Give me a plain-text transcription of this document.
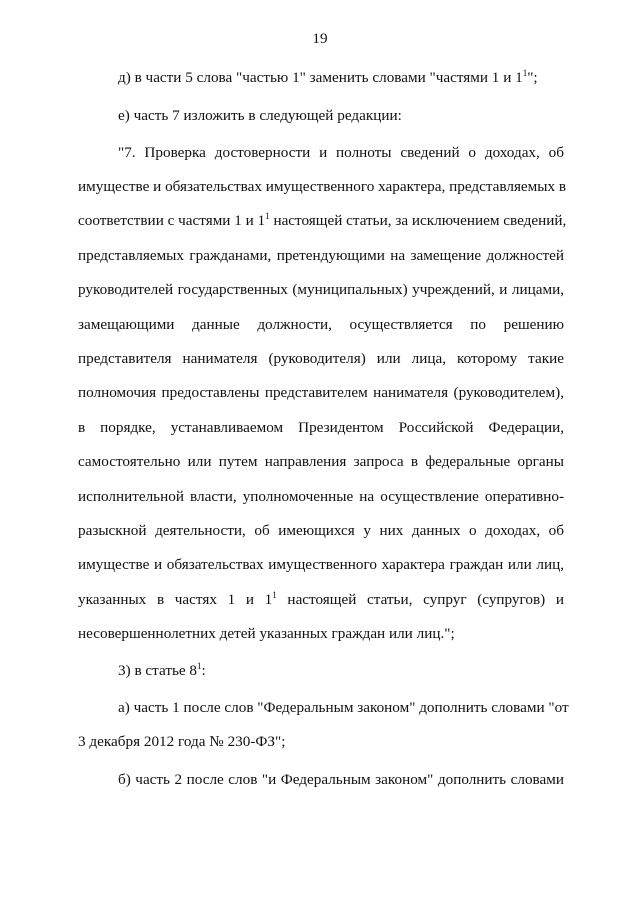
19
д) в части 5 слова "частью 1" заменить словами "частями 1 и $1^1$";
е) часть 7 изложить в следующей редакции:
"7. Проверка достоверности и полноты сведений о доходах, об
имуществе и обязательствах имущественного характера, представляемых в
соответствии с частями 1 и $1^1$ настоящей статьи, за исключением сведений,
представляемых гражданами, претендующими на замещение должностей
руководителей государственных (муниципальных) учреждений, и лицами,
замещающими данные должности, осуществляется по решению
представителя нанимателя (руководителя) или лица, которому такие
полномочия предоставлены представителем нанимателя (руководителем),
в порядке, устанавливаемом Президентом Российской Федерации,
самостоятельно или путем направления запроса в федеральные органы
исполнительной власти, уполномоченные на осуществление оперативно-
разыскной деятельности, об имеющихся у них данных о доходах, об
имуществе и обязательствах имущественного характера граждан или лиц,
указанных в частях 1 и $1^1$ настоящей статьи, супруг (супругов) и
несовершеннолетних детей указанных граждан или лиц.";
3) в статье $8^1$:
а) часть 1 после слов "Федеральным законом" дополнить словами "от
3 декабря 2012 года № 230-ФЗ";
б) часть 2 после слов "и Федеральным законом" дополнить словами
